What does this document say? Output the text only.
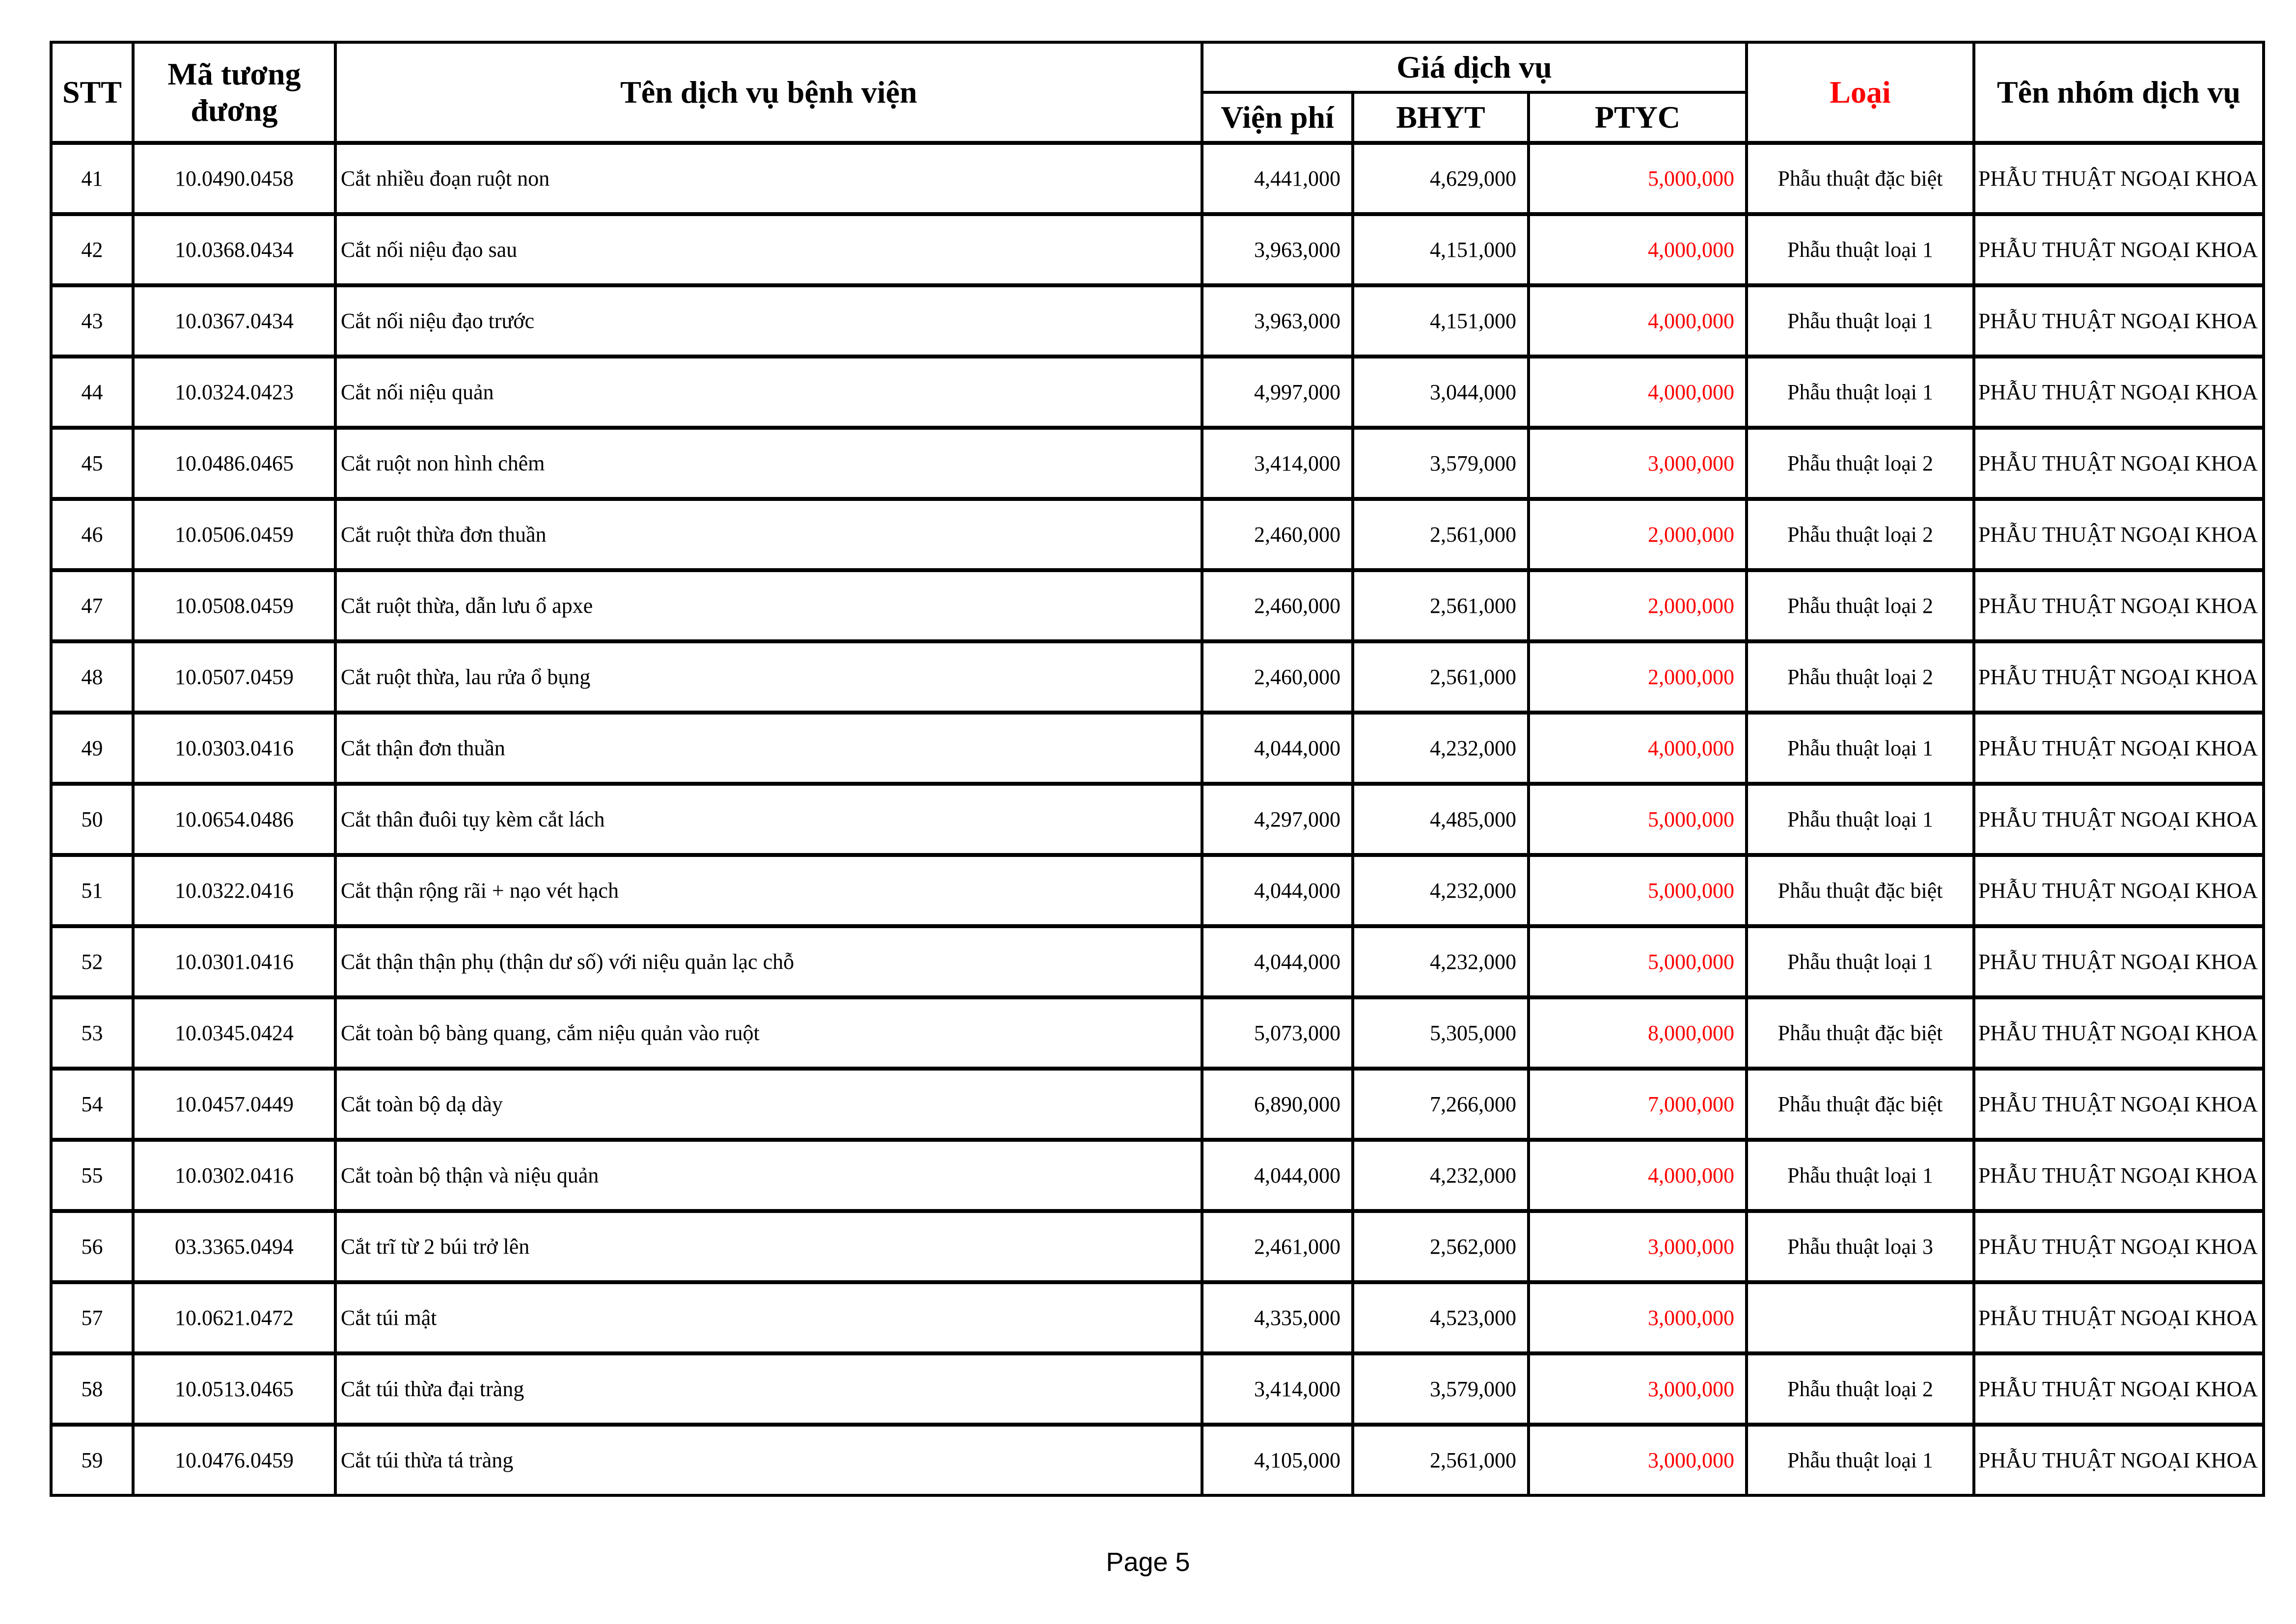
STT	Mã tương đương	Tên dịch vụ bệnh viện	Giá dịch vụ			Loại	Tên nhóm dịch vụ
			Viện phí	BHYT	PTYC		
41	10.0490.0458	Cắt nhiều đoạn ruột non	4,441,000	4,629,000	5,000,000	Phẫu thuật đặc biệt	PHẪU THUẬT NGOẠI KHOA
42	10.0368.0434	Cắt nối niệu đạo sau	3,963,000	4,151,000	4,000,000	Phẫu thuật loại 1	PHẪU THUẬT NGOẠI KHOA
43	10.0367.0434	Cắt nối niệu đạo trước	3,963,000	4,151,000	4,000,000	Phẫu thuật loại 1	PHẪU THUẬT NGOẠI KHOA
44	10.0324.0423	Cắt nối niệu quản	4,997,000	3,044,000	4,000,000	Phẫu thuật loại 1	PHẪU THUẬT NGOẠI KHOA
45	10.0486.0465	Cắt ruột non hình chêm	3,414,000	3,579,000	3,000,000	Phẫu thuật loại 2	PHẪU THUẬT NGOẠI KHOA
46	10.0506.0459	Cắt ruột thừa đơn thuần	2,460,000	2,561,000	2,000,000	Phẫu thuật loại 2	PHẪU THUẬT NGOẠI KHOA
47	10.0508.0459	Cắt ruột thừa, dẫn lưu ổ apxe	2,460,000	2,561,000	2,000,000	Phẫu thuật loại 2	PHẪU THUẬT NGOẠI KHOA
48	10.0507.0459	Cắt ruột thừa, lau rửa ổ bụng	2,460,000	2,561,000	2,000,000	Phẫu thuật loại 2	PHẪU THUẬT NGOẠI KHOA
49	10.0303.0416	Cắt thận đơn thuần	4,044,000	4,232,000	4,000,000	Phẫu thuật loại 1	PHẪU THUẬT NGOẠI KHOA
50	10.0654.0486	Cắt thân đuôi tụy kèm cắt lách	4,297,000	4,485,000	5,000,000	Phẫu thuật loại 1	PHẪU THUẬT NGOẠI KHOA
51	10.0322.0416	Cắt thận rộng rãi + nạo vét hạch	4,044,000	4,232,000	5,000,000	Phẫu thuật đặc biệt	PHẪU THUẬT NGOẠI KHOA
52	10.0301.0416	Cắt thận thận phụ (thận dư số) với niệu quản lạc chỗ	4,044,000	4,232,000	5,000,000	Phẫu thuật loại 1	PHẪU THUẬT NGOẠI KHOA
53	10.0345.0424	Cắt toàn bộ bàng quang, cắm niệu quản vào ruột	5,073,000	5,305,000	8,000,000	Phẫu thuật đặc biệt	PHẪU THUẬT NGOẠI KHOA
54	10.0457.0449	Cắt toàn bộ dạ dày	6,890,000	7,266,000	7,000,000	Phẫu thuật đặc biệt	PHẪU THUẬT NGOẠI KHOA
55	10.0302.0416	Cắt toàn bộ thận và niệu quản	4,044,000	4,232,000	4,000,000	Phẫu thuật loại 1	PHẪU THUẬT NGOẠI KHOA
56	03.3365.0494	Cắt trĩ từ 2 búi trở lên	2,461,000	2,562,000	3,000,000	Phẫu thuật loại 3	PHẪU THUẬT NGOẠI KHOA
57	10.0621.0472	Cắt túi mật	4,335,000	4,523,000	3,000,000		PHẪU THUẬT NGOẠI KHOA
58	10.0513.0465	Cắt túi thừa đại tràng	3,414,000	3,579,000	3,000,000	Phẫu thuật loại 2	PHẪU THUẬT NGOẠI KHOA
59	10.0476.0459	Cắt túi thừa tá tràng	4,105,000	2,561,000	3,000,000	Phẫu thuật loại 1	PHẪU THUẬT NGOẠI KHOA
Page 5
